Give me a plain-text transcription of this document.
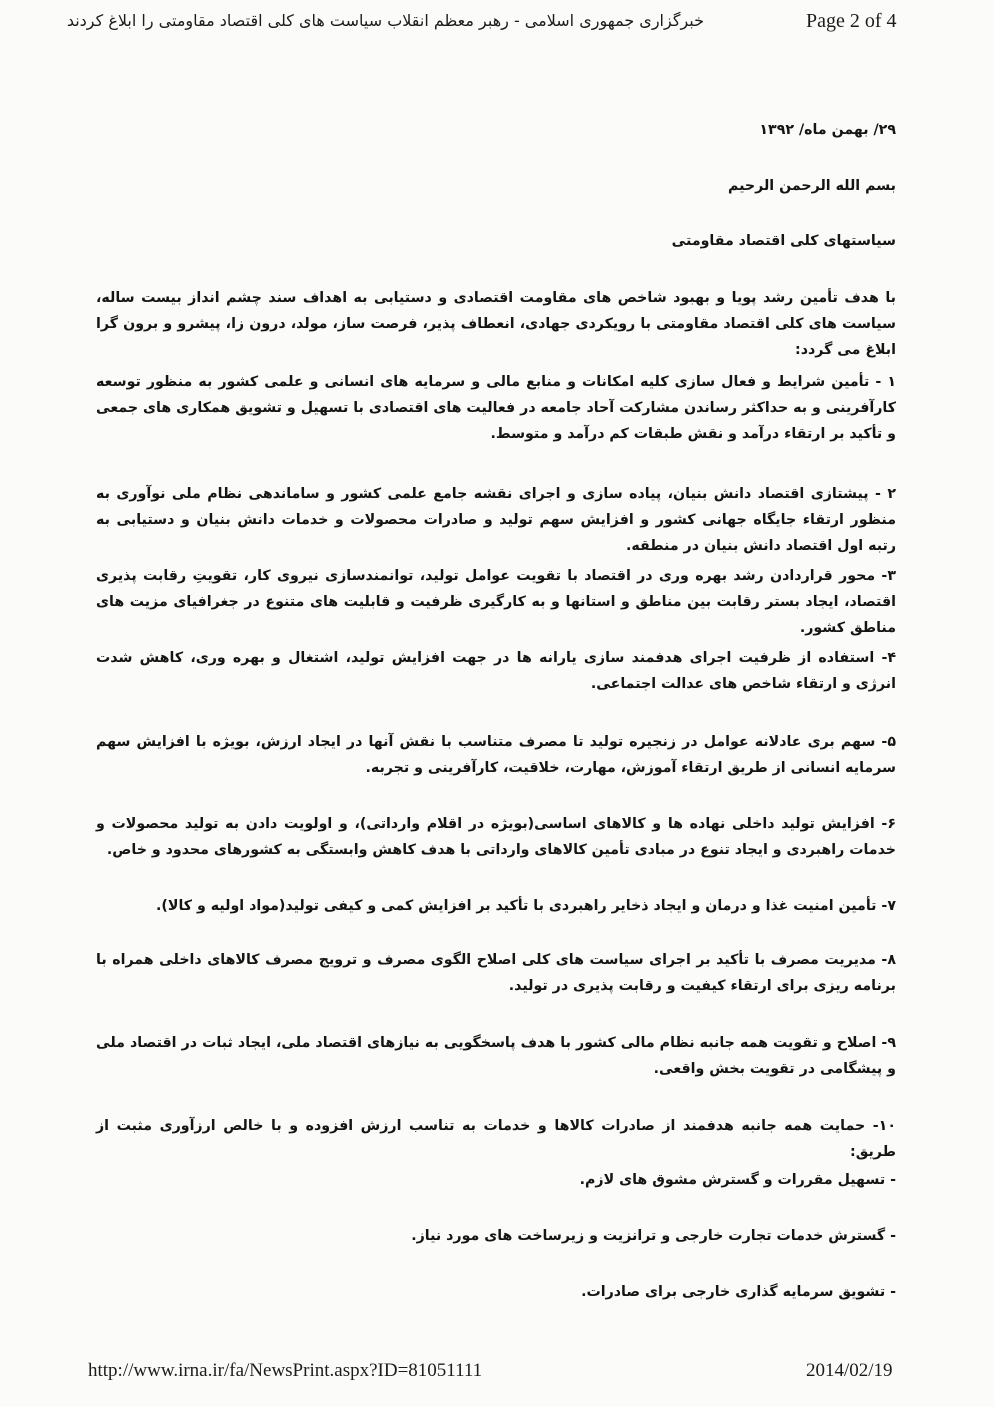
Page 2 of 4
خبرگزاری جمهوری اسلامی - رهبر معظم انقلاب سیاست های کلی اقتصاد مقاومتی را ابلاغ کردند
۲۹/ بهمن ماه/ ۱۳۹۲
بسم الله الرحمن الرحیم
سیاستهای کلی اقتصاد مقاومتی
با هدف تأمین رشد پویا و بهبود شاخص های مقاومت اقتصادی و دستیابی به اهداف سند چشم انداز بیست ساله، سیاست های کلی اقتصاد مقاومتی با رویکردی جهادی، انعطاف پذیر، فرصت ساز، مولد، درون زا، پیشرو و برون گرا ابلاغ می گردد:
۱ - تأمین شرایط و فعال سازی کلیه امکانات و منابع مالی و سرمایه های انسانی و علمی کشور به منظور توسعه کارآفرینی و به حداکثر رساندن مشارکت آحاد جامعه در فعالیت های اقتصادی با تسهیل و تشویق همکاری های جمعی و تأکید بر ارتقاء درآمد و نقش طبقات کم درآمد و متوسط.
۲ - پیشتازی اقتصاد دانش بنیان، پیاده سازی و اجرای نقشه جامع علمی کشور و ساماندهی نظام ملی نوآوری به منظور ارتقاء جایگاه جهانی کشور و افزایش سهم تولید و صادرات محصولات و خدمات دانش بنیان و دستیابی به رتبه اول اقتصاد دانش بنیان در منطقه.
۳- محور قراردادن رشد بهره وری در اقتصاد با تقویت عوامل تولید، توانمندسازی نیروی کار، تقویتِ رقابت پذیری اقتصاد، ایجاد بستر رقابت بین مناطق و استانها و به کارگیری ظرفیت و قابلیت های متنوع در جغرافیای مزیت های مناطق کشور.
۴- استفاده از ظرفیت اجرای هدفمند سازی یارانه ها در جهت افزایش تولید، اشتغال و بهره وری، کاهش شدت انرژی و ارتقاء شاخص های عدالت اجتماعی.
۵- سهم بری عادلانه عوامل در زنجیره تولید تا مصرف متناسب با نقش آنها در ایجاد ارزش، بویژه با افزایش سهم سرمایه انسانی از طریق ارتقاء آموزش، مهارت، خلاقیت، کارآفرینی و تجربه.
۶- افزایش تولید داخلی نهاده ها و کالاهای اساسی(بویژه در اقلام وارداتی)، و اولویت دادن به تولید محصولات و خدمات راهبردی و ایجاد تنوع در مبادی تأمین کالاهای وارداتی با هدف کاهش وابستگی به کشورهای محدود و خاص.
۷- تأمین امنیت غذا و درمان و ایجاد ذخایر راهبردی با تأکید بر افزایش کمی و کیفی تولید(مواد اولیه و کالا).
۸- مدیریت مصرف با تأکید بر اجرای سیاست های کلی اصلاح الگوی مصرف و ترویج مصرف کالاهای داخلی همراه با برنامه ریزی برای ارتقاء کیفیت و رقابت پذیری در تولید.
۹- اصلاح و تقویت همه جانبه نظام مالی کشور با هدف پاسخگویی به نیازهای اقتصاد ملی، ایجاد ثبات در اقتصاد ملی و پیشگامی در تقویت بخش واقعی.
۱۰- حمایت همه جانبه هدفمند از صادرات کالاها و خدمات به تناسب ارزش افزوده و با خالص ارزآوری مثبت از طریق:
- تسهیل مقررات و گسترش مشوق های لازم.
- گسترش خدمات تجارت خارجی و ترانزیت و زیرساخت های مورد نیاز.
- تشویق سرمایه گذاری خارجی برای صادرات.
http://www.irna.ir/fa/NewsPrint.aspx?ID=81051111	2014/02/19
